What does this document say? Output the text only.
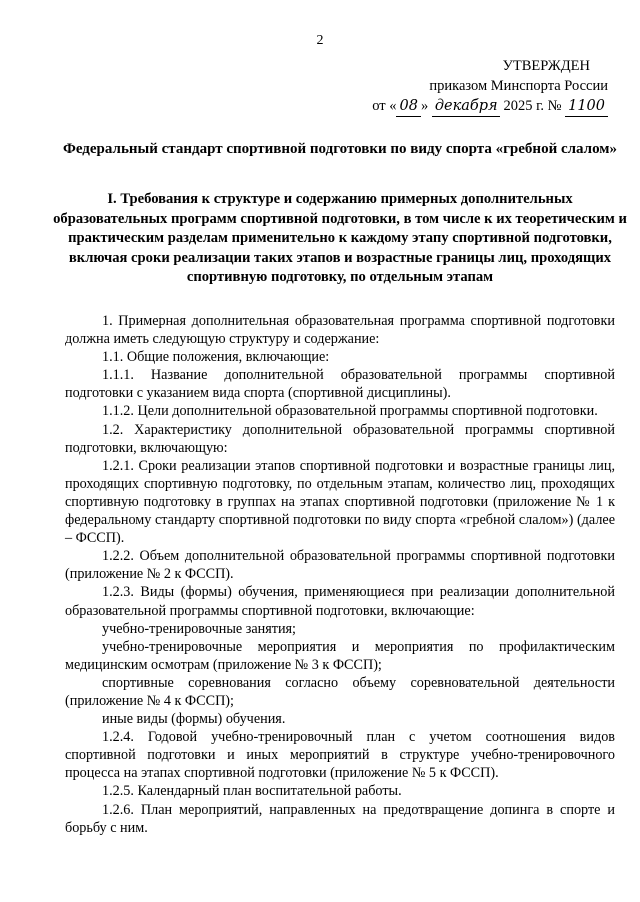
2
УТВЕРЖДЕН
приказом Минспорта России
от « 08 » декабря 2025 г. № 1100
Федеральный стандарт спортивной подготовки по виду спорта «гребной слалом»
I. Требования к структуре и содержанию примерных дополнительных образовательных программ спортивной подготовки, в том числе к их теоретическим и практическим разделам применительно к каждому этапу спортивной подготовки, включая сроки реализации таких этапов и возрастные границы лиц, проходящих спортивную подготовку, по отдельным этапам

1. Примерная дополнительная образовательная программа спортивной подготовки должна иметь следующую структуру и содержание:

1.1. Общие положения, включающие:

1.1.1. Название дополнительной образовательной программы спортивной подготовки с указанием вида спорта (спортивной дисциплины).

1.1.2. Цели дополнительной образовательной программы спортивной подготовки.

1.2. Характеристику дополнительной образовательной программы спортивной подготовки, включающую:

1.2.1. Сроки реализации этапов спортивной подготовки и возрастные границы лиц, проходящих спортивную подготовку, по отдельным этапам, количество лиц, проходящих спортивную подготовку в группах на этапах спортивной подготовки (приложение № 1 к федеральному стандарту спортивной подготовки по виду спорта «гребной слалом») (далее – ФССП).

1.2.2. Объем дополнительной образовательной программы спортивной подготовки (приложение № 2 к ФССП).

1.2.3. Виды (формы) обучения, применяющиеся при реализации дополнительной образовательной программы спортивной подготовки, включающие:

учебно-тренировочные занятия;

учебно-тренировочные мероприятия и мероприятия по профилактическим медицинским осмотрам (приложение № 3 к ФССП);

спортивные соревнования согласно объему соревновательной деятельности (приложение № 4 к ФССП);

иные виды (формы) обучения.

1.2.4. Годовой учебно-тренировочный план с учетом соотношения видов спортивной подготовки и иных мероприятий в структуре учебно-тренировочного процесса на этапах спортивной подготовки (приложение № 5 к ФССП).

1.2.5. Календарный план воспитательной работы.

1.2.6. План мероприятий, направленных на предотвращение допинга в спорте и борьбу с ним.
